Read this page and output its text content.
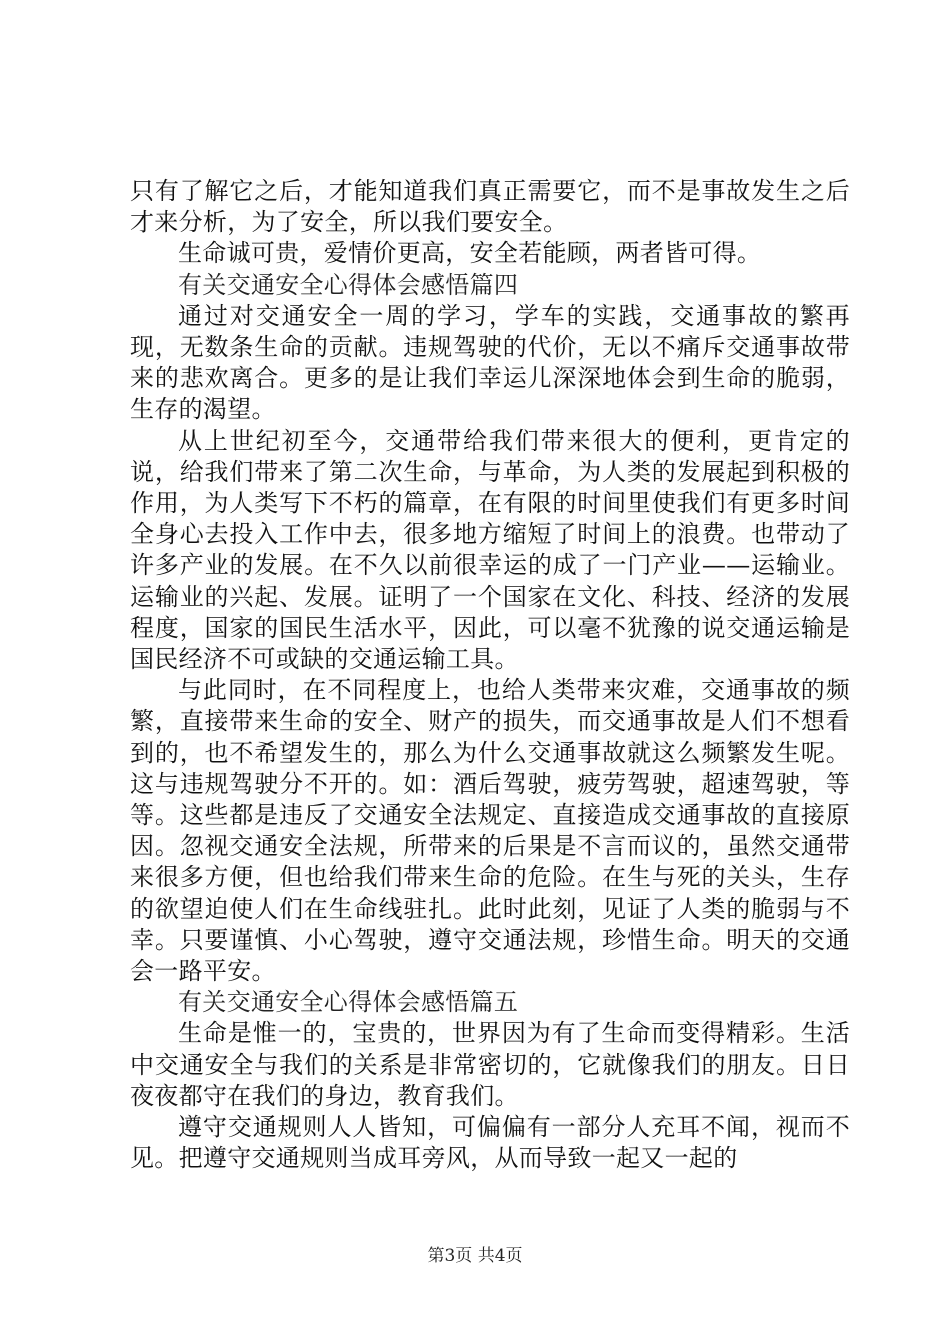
只有了解它之后，才能知道我们真正需要它，而不是事故发生之后才来分析，为了安全，所以我们要安全。

生命诚可贵，爱情价更高，安全若能顾，两者皆可得。

有关交通安全心得体会感悟篇四

通过对交通安全一周的学习，学车的实践，交通事故的繁再现，无数条生命的贡献。违规驾驶的代价，无以不痛斥交通事故带来的悲欢离合。更多的是让我们幸运儿深深地体会到生命的脆弱，生存的渴望。

从上世纪初至今，交通带给我们带来很大的便利，更肯定的说，给我们带来了第二次生命，与革命，为人类的发展起到积极的作用，为人类写下不朽的篇章，在有限的时间里使我们有更多时间全身心去投入工作中去，很多地方缩短了时间上的浪费。也带动了许多产业的发展。在不久以前很幸运的成了一门产业——运输业。运输业的兴起、发展。证明了一个国家在文化、科技、经济的发展程度，国家的国民生活水平，因此，可以毫不犹豫的说交通运输是国民经济不可或缺的交通运输工具。

与此同时，在不同程度上，也给人类带来灾难，交通事故的频繁，直接带来生命的安全、财产的损失，而交通事故是人们不想看到的，也不希望发生的，那么为什么交通事故就这么频繁发生呢。这与违规驾驶分不开的。如：酒后驾驶，疲劳驾驶，超速驾驶，等等。这些都是违反了交通安全法规定、直接造成交通事故的直接原因。忽视交通安全法规，所带来的后果是不言而议的，虽然交通带来很多方便，但也给我们带来生命的危险。在生与死的关头，生存的欲望迫使人们在生命线驻扎。此时此刻，见证了人类的脆弱与不幸。只要谨慎、小心驾驶，遵守交通法规，珍惜生命。明天的交通会一路平安。

有关交通安全心得体会感悟篇五

生命是惟一的，宝贵的，世界因为有了生命而变得精彩。生活中交通安全与我们的关系是非常密切的，它就像我们的朋友。日日夜夜都守在我们的身边，教育我们。

遵守交通规则人人皆知，可偏偏有一部分人充耳不闻，视而不见。把遵守交通规则当成耳旁风，从而导致一起又一起的

第3页 共4页
